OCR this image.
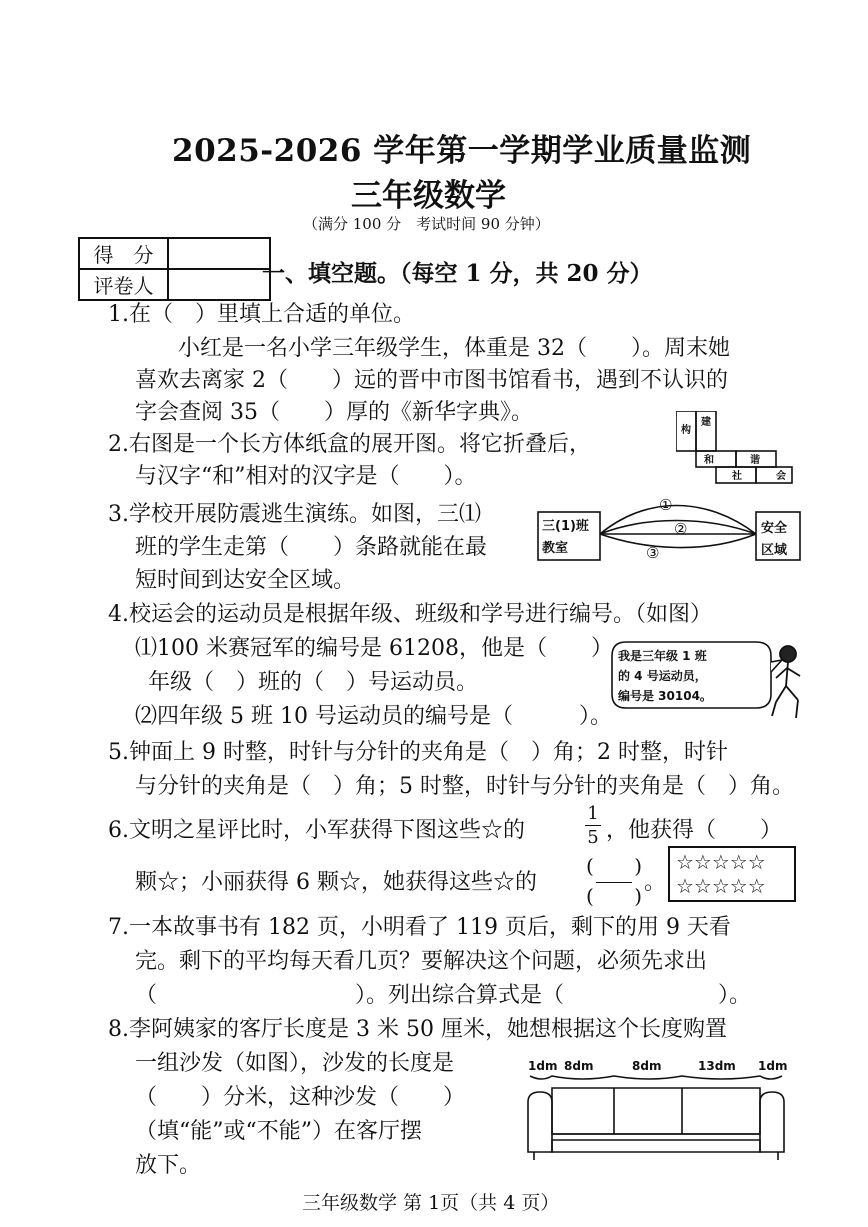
2025-2026 学年第一学期学业质量监测
三年级数学
（满分 100 分　考试时间 90 分钟）
得　分	
评卷人		一、填空题。（每空 1 分，共 20 分）
1.在（　）里填上合适的单位。
小红是一名小学三年级学生，体重是 32（　　）。周末她
喜欢去离家 2（　　）远的晋中市图书馆看书，遇到不认识的
字会查阅 35（　　）厚的《新华字典》。
2.右图是一个长方体纸盒的展开图。将它折叠后，
与汉字“和”相对的汉字是（　　）。
构
建
和	谐
社	会
3.学校开展防震逃生演练。如图，三⑴
班的学生走第（　　）条路就能在最
短时间到达安全区域。
三(1)班
教室
安全
区域
①
②
③
4.校运会的运动员是根据年级、班级和学号进行编号。（如图）
⑴100 米赛冠军的编号是 61208，他是（　　）
年级（　）班的（　）号运动员。
⑵四年级 5 班 10 号运动员的编号是（　　　）。
我是三年级 1 班
的 4 号运动员，
编号是 30104。
5.钟面上 9 时整，时针与分针的夹角是（　）角；2 时整，时针
与分针的夹角是（　）角；5 时整，时针与分针的夹角是（　）角。
6.文明之星评比时，小军获得下图这些☆的
1
5 ，他获得（　　）
颗☆；小丽获得 6 颗☆，她获得这些☆的
( )
( )
。
☆☆☆☆☆
☆☆☆☆☆
7.一本故事书有 182 页，小明看了 119 页后，剩下的用 9 天看
完。剩下的平均每天看几页？要解决这个问题，必须先求出
（　　　　　　　　　）。列出综合算式是（　　　　　　　）。
8.李阿姨家的客厅长度是 3 米 50 厘米，她想根据这个长度购置
一组沙发（如图），沙发的长度是
（　　）分米，这种沙发（　　）
（填“能”或“不能”）在客厅摆
放下。
1dm 8dm	8dm	13dm 1dm
三年级数学 第 1页（共 4 页）
